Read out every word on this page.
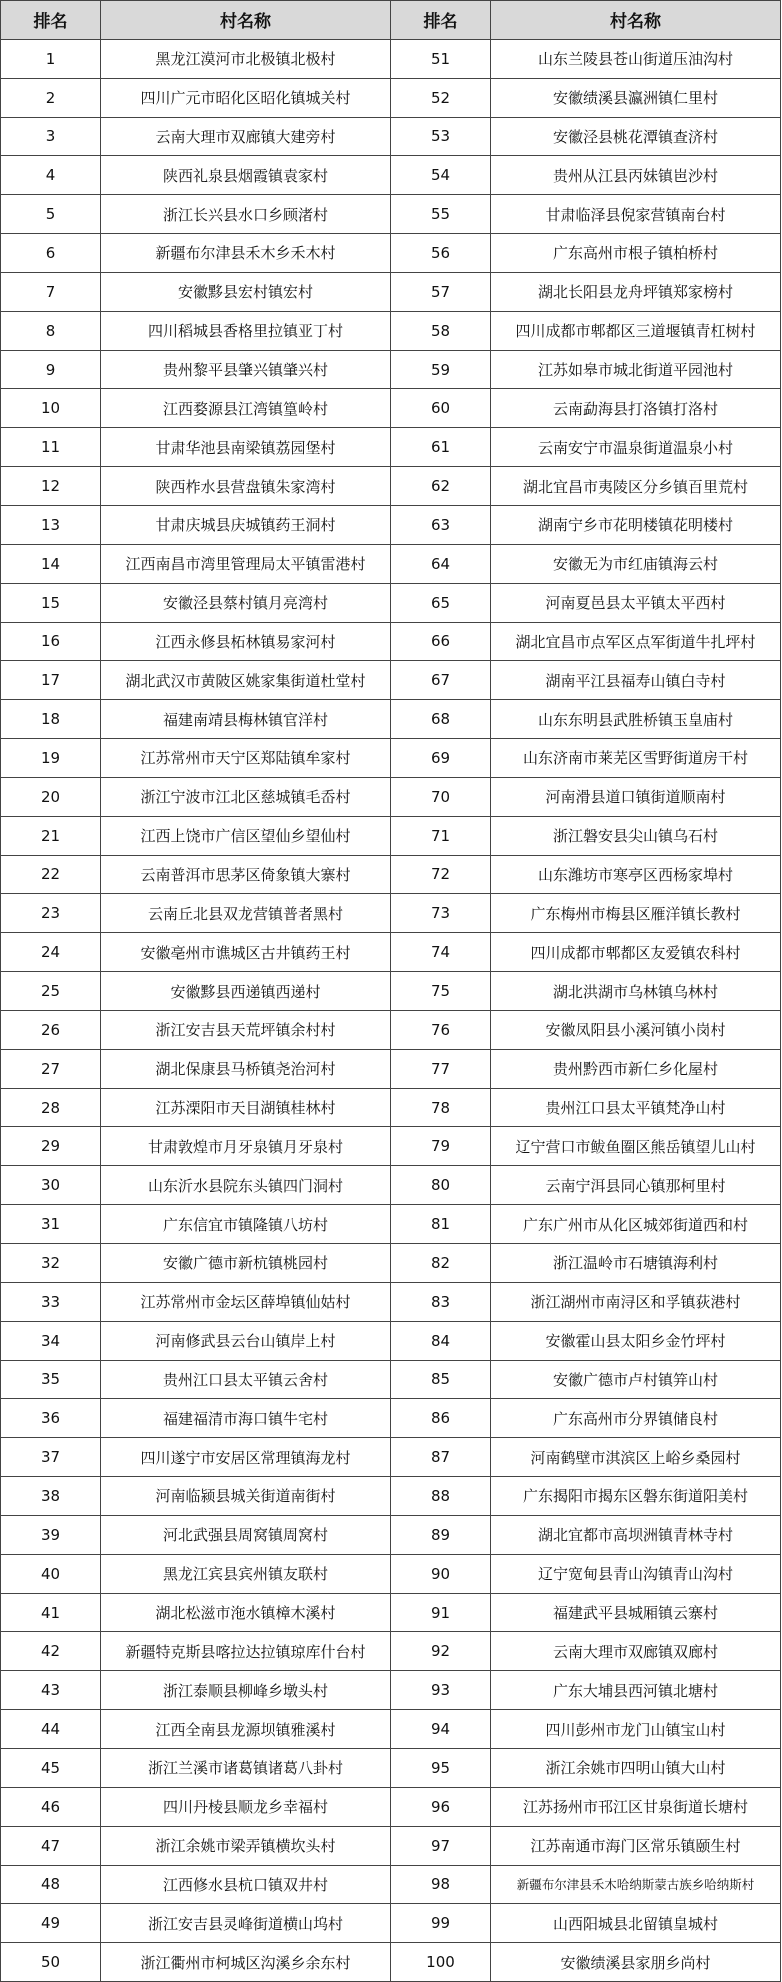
排名	村名称	排名	村名称
1	黑龙江漠河市北极镇北极村	51	山东兰陵县苍山街道压油沟村
2	四川广元市昭化区昭化镇城关村	52	安徽绩溪县瀛洲镇仁里村
3	云南大理市双廊镇大建旁村	53	安徽泾县桃花潭镇查济村
4	陕西礼泉县烟霞镇袁家村	54	贵州从江县丙妹镇岜沙村
5	浙江长兴县水口乡顾渚村	55	甘肃临泽县倪家营镇南台村
6	新疆布尔津县禾木乡禾木村	56	广东高州市根子镇柏桥村
7	安徽黟县宏村镇宏村	57	湖北长阳县龙舟坪镇郑家榜村
8	四川稻城县香格里拉镇亚丁村	58	四川成都市郫都区三道堰镇青杠树村
9	贵州黎平县肇兴镇肇兴村	59	江苏如皋市城北街道平园池村
10	江西婺源县江湾镇篁岭村	60	云南勐海县打洛镇打洛村
11	甘肃华池县南梁镇荔园堡村	61	云南安宁市温泉街道温泉小村
12	陕西柞水县营盘镇朱家湾村	62	湖北宜昌市夷陵区分乡镇百里荒村
13	甘肃庆城县庆城镇药王洞村	63	湖南宁乡市花明楼镇花明楼村
14	江西南昌市湾里管理局太平镇雷港村	64	安徽无为市红庙镇海云村
15	安徽泾县蔡村镇月亮湾村	65	河南夏邑县太平镇太平西村
16	江西永修县柘林镇易家河村	66	湖北宜昌市点军区点军街道牛扎坪村
17	湖北武汉市黄陂区姚家集街道杜堂村	67	湖南平江县福寿山镇白寺村
18	福建南靖县梅林镇官洋村	68	山东东明县武胜桥镇玉皇庙村
19	江苏常州市天宁区郑陆镇牟家村	69	山东济南市莱芜区雪野街道房干村
20	浙江宁波市江北区慈城镇毛岙村	70	河南滑县道口镇街道顺南村
21	江西上饶市广信区望仙乡望仙村	71	浙江磐安县尖山镇乌石村
22	云南普洱市思茅区倚象镇大寨村	72	山东潍坊市寒亭区西杨家埠村
23	云南丘北县双龙营镇普者黑村	73	广东梅州市梅县区雁洋镇长教村
24	安徽亳州市谯城区古井镇药王村	74	四川成都市郫都区友爱镇农科村
25	安徽黟县西递镇西递村	75	湖北洪湖市乌林镇乌林村
26	浙江安吉县天荒坪镇余村村	76	安徽凤阳县小溪河镇小岗村
27	湖北保康县马桥镇尧治河村	77	贵州黔西市新仁乡化屋村
28	江苏溧阳市天目湖镇桂林村	78	贵州江口县太平镇梵净山村
29	甘肃敦煌市月牙泉镇月牙泉村	79	辽宁营口市鲅鱼圈区熊岳镇望儿山村
30	山东沂水县院东头镇四门洞村	80	云南宁洱县同心镇那柯里村
31	广东信宜市镇隆镇八坊村	81	广东广州市从化区城郊街道西和村
32	安徽广德市新杭镇桃园村	82	浙江温岭市石塘镇海利村
33	江苏常州市金坛区薛埠镇仙姑村	83	浙江湖州市南浔区和孚镇荻港村
34	河南修武县云台山镇岸上村	84	安徽霍山县太阳乡金竹坪村
35	贵州江口县太平镇云舍村	85	安徽广德市卢村镇笄山村
36	福建福清市海口镇牛宅村	86	广东高州市分界镇储良村
37	四川遂宁市安居区常理镇海龙村	87	河南鹤壁市淇滨区上峪乡桑园村
38	河南临颍县城关街道南街村	88	广东揭阳市揭东区磐东街道阳美村
39	河北武强县周窝镇周窝村	89	湖北宜都市高坝洲镇青林寺村
40	黑龙江宾县宾州镇友联村	90	辽宁宽甸县青山沟镇青山沟村
41	湖北松滋市沲水镇樟木溪村	91	福建武平县城厢镇云寨村
42	新疆特克斯县喀拉达拉镇琼库什台村	92	云南大理市双廊镇双廊村
43	浙江泰顺县柳峰乡墩头村	93	广东大埔县西河镇北塘村
44	江西全南县龙源坝镇雅溪村	94	四川彭州市龙门山镇宝山村
45	浙江兰溪市诸葛镇诸葛八卦村	95	浙江余姚市四明山镇大山村
46	四川丹棱县顺龙乡幸福村	96	江苏扬州市邗江区甘泉街道长塘村
47	浙江余姚市梁弄镇横坎头村	97	江苏南通市海门区常乐镇颐生村
48	江西修水县杭口镇双井村	98	新疆布尔津县禾木哈纳斯蒙古族乡哈纳斯村
49	浙江安吉县灵峰街道横山坞村	99	山西阳城县北留镇皇城村
50	浙江衢州市柯城区沟溪乡余东村	100	安徽绩溪县家朋乡尚村
